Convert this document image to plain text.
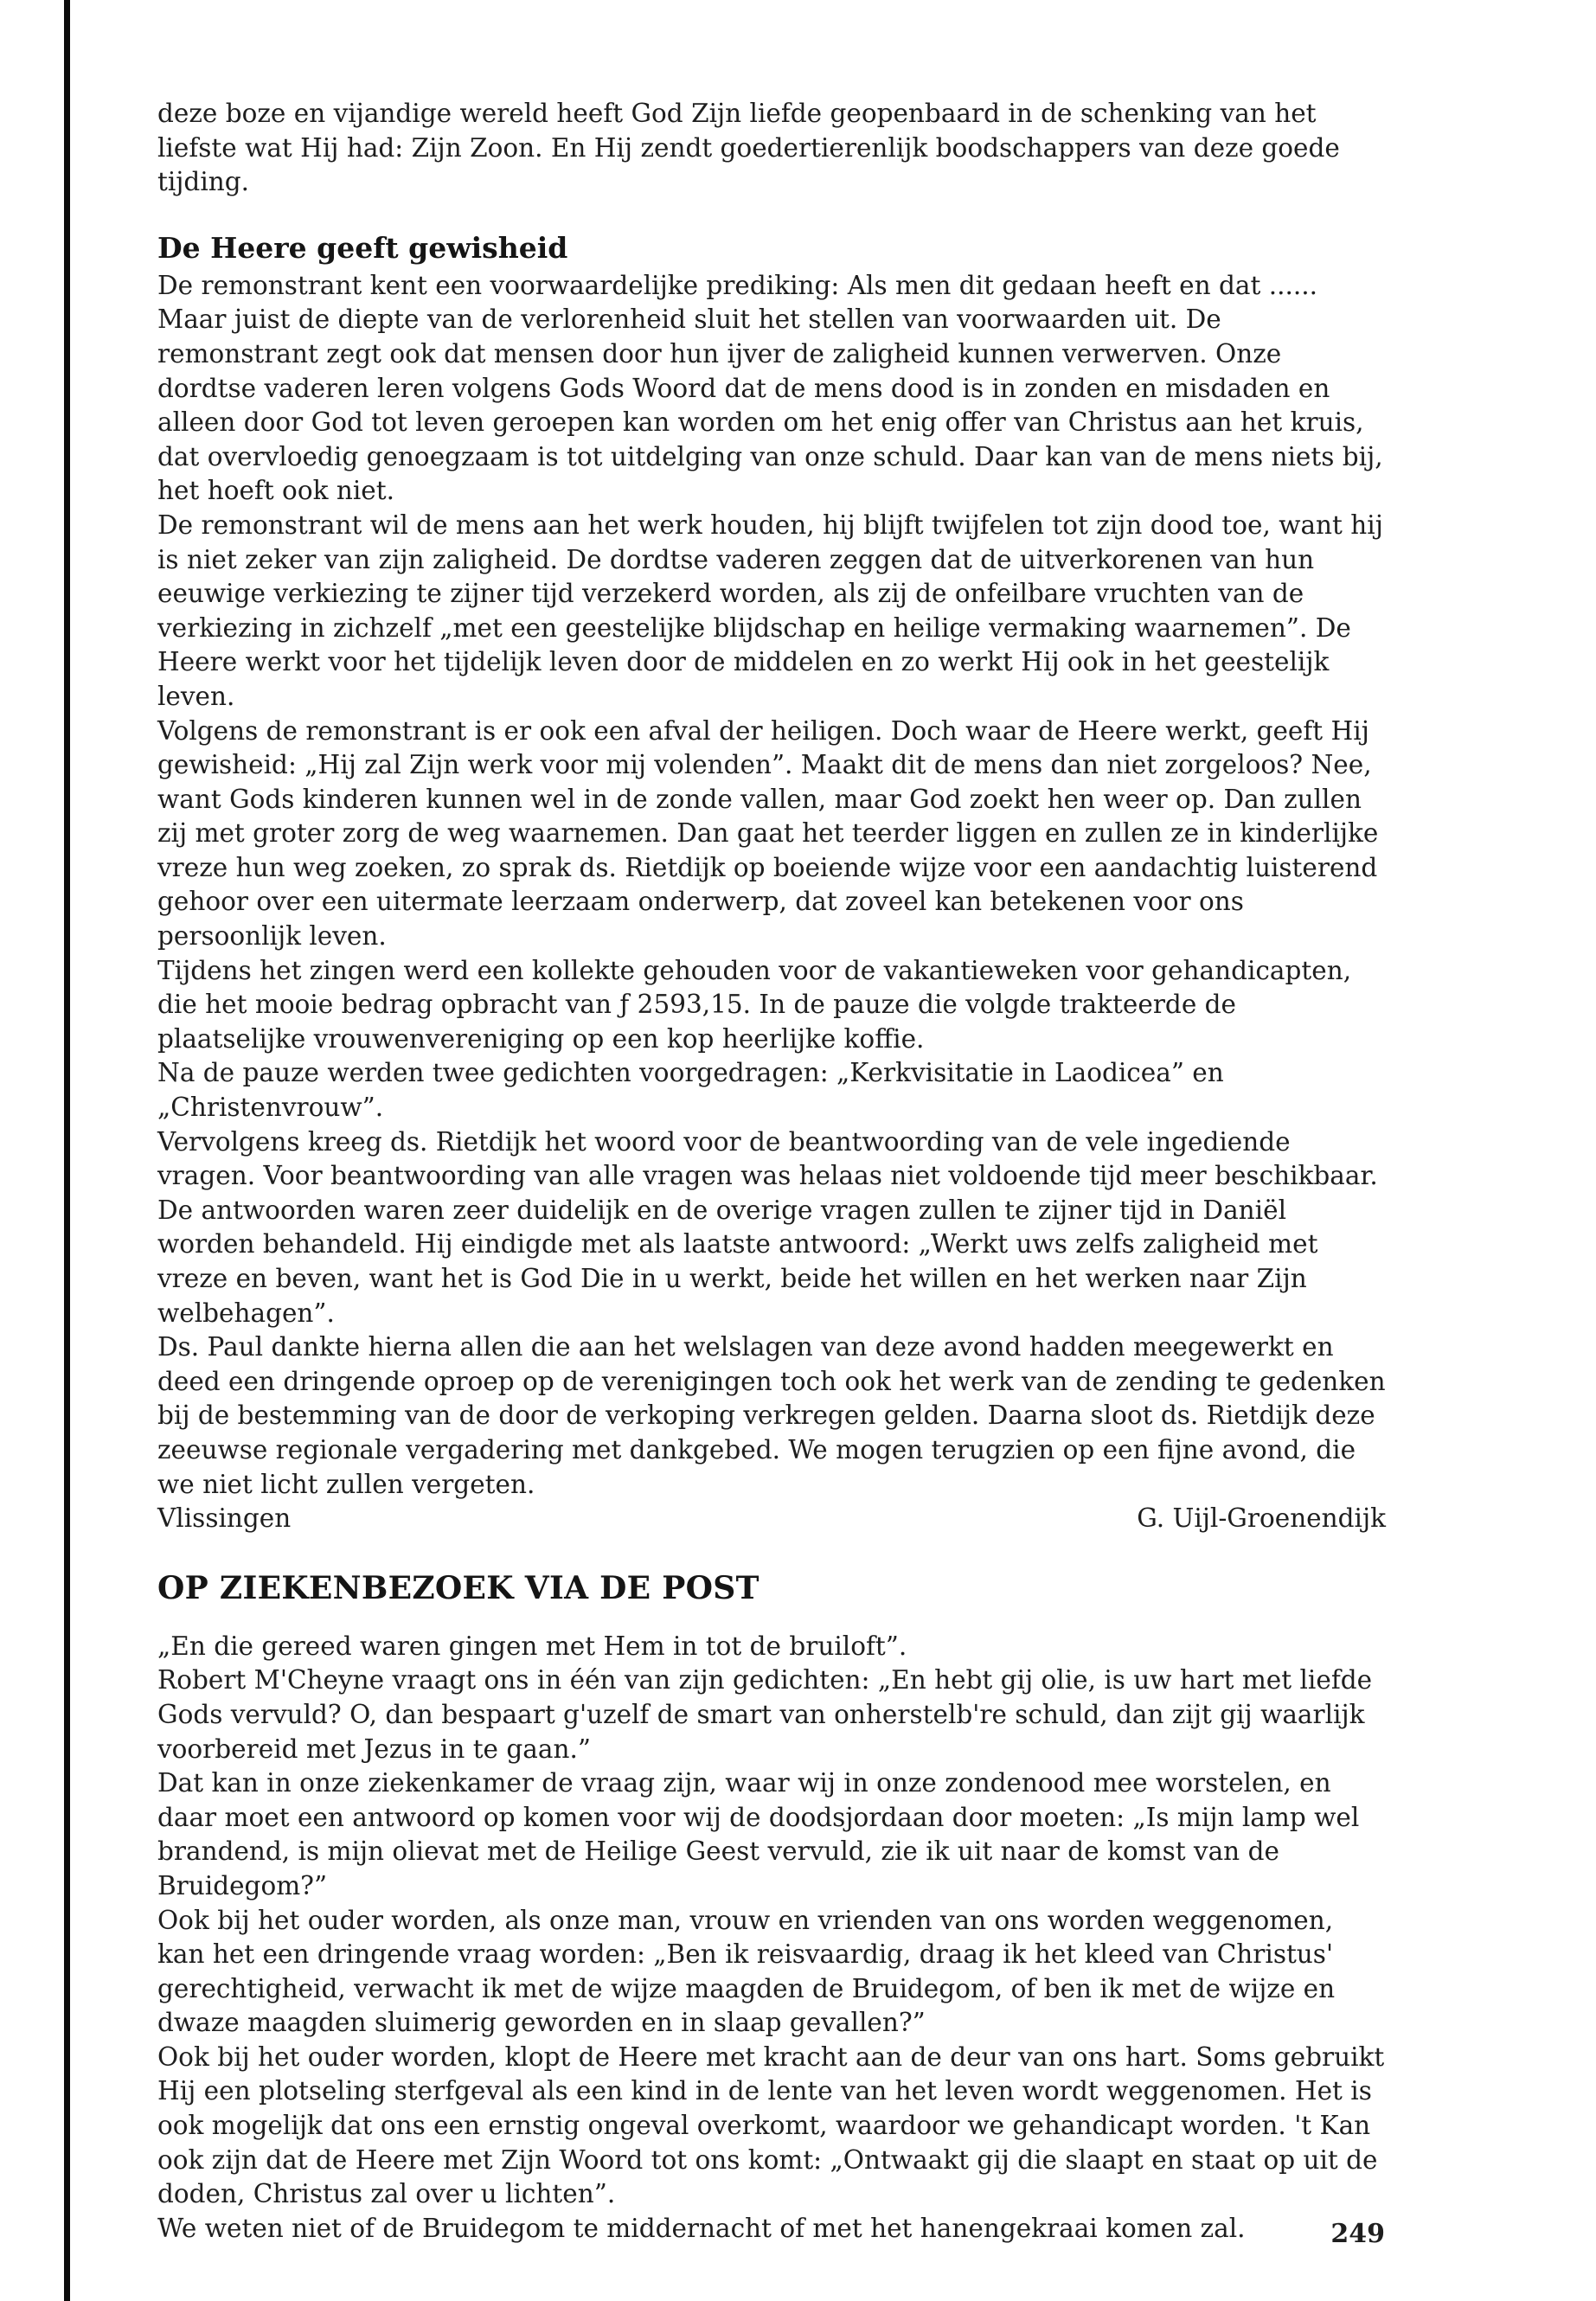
deze boze en vijandige wereld heeft God Zijn liefde geopenbaard in de schenking van het liefste wat Hij had: Zijn Zoon. En Hij zendt goedertierenlijk boodschappers van deze goede tijding.

De Heere geeft gewisheid

De remonstrant kent een voorwaardelijke prediking: Als men dit gedaan heeft en dat ...... Maar juist de diepte van de verlorenheid sluit het stellen van voorwaarden uit. De remonstrant zegt ook dat mensen door hun ijver de zaligheid kunnen verwerven. Onze dordtse vaderen leren volgens Gods Woord dat de mens dood is in zonden en misdaden en alleen door God tot leven geroepen kan worden om het enig offer van Christus aan het kruis, dat overvloedig genoegzaam is tot uitdelging van onze schuld. Daar kan van de mens niets bij, het hoeft ook niet.

De remonstrant wil de mens aan het werk houden, hij blijft twijfelen tot zijn dood toe, want hij is niet zeker van zijn zaligheid. De dordtse vaderen zeggen dat de uitverkorenen van hun eeuwige verkiezing te zijner tijd verzekerd worden, als zij de onfeilbare vruchten van de verkiezing in zichzelf „met een geestelijke blijdschap en heilige vermaking waarnemen”. De Heere werkt voor het tijdelijk leven door de middelen en zo werkt Hij ook in het geestelijk leven.

Volgens de remonstrant is er ook een afval der heiligen. Doch waar de Heere werkt, geeft Hij gewisheid: „Hij zal Zijn werk voor mij volenden”. Maakt dit de mens dan niet zorgeloos? Nee, want Gods kinderen kunnen wel in de zonde vallen, maar God zoekt hen weer op. Dan zullen zij met groter zorg de weg waarnemen. Dan gaat het teerder liggen en zullen ze in kinderlijke vreze hun weg zoeken, zo sprak ds. Rietdijk op boeiende wijze voor een aandachtig luisterend gehoor over een uitermate leerzaam onderwerp, dat zoveel kan betekenen voor ons persoonlijk leven.

Tijdens het zingen werd een kollekte gehouden voor de vakantieweken voor gehandicapten, die het mooie bedrag opbracht van ƒ 2593,15. In de pauze die volgde trakteerde de plaatselijke vrouwenvereniging op een kop heerlijke koffie.

Na de pauze werden twee gedichten voorgedragen: „Kerkvisitatie in Laodicea” en „Christenvrouw”.

Vervolgens kreeg ds. Rietdijk het woord voor de beantwoording van de vele ingediende vragen. Voor beantwoording van alle vragen was helaas niet voldoende tijd meer beschikbaar. De antwoorden waren zeer duidelijk en de overige vragen zullen te zijner tijd in Daniël worden behandeld. Hij eindigde met als laatste antwoord: „Werkt uws zelfs zaligheid met vreze en beven, want het is God Die in u werkt, beide het willen en het werken naar Zijn welbehagen”.

Ds. Paul dankte hierna allen die aan het welslagen van deze avond hadden meegewerkt en deed een dringende oproep op de verenigingen toch ook het werk van de zending te gedenken bij de bestemming van de door de verkoping verkregen gelden. Daarna sloot ds. Rietdijk deze zeeuwse regionale vergadering met dankgebed. We mogen terugzien op een fijne avond, die we niet licht zullen vergeten.

Vlissingen	G. Uijl-Groenendijk
OP ZIEKENBEZOEK VIA DE POST

„En die gereed waren gingen met Hem in tot de bruiloft”.

Robert M'Cheyne vraagt ons in één van zijn gedichten: „En hebt gij olie, is uw hart met liefde Gods vervuld? O, dan bespaart g'uzelf de smart van onherstelb're schuld, dan zijt gij waarlijk voorbereid met Jezus in te gaan.”

Dat kan in onze ziekenkamer de vraag zijn, waar wij in onze zondenood mee worstelen, en daar moet een antwoord op komen voor wij de doodsjordaan door moeten: „Is mijn lamp wel brandend, is mijn olievat met de Heilige Geest vervuld, zie ik uit naar de komst van de Bruidegom?”

Ook bij het ouder worden, als onze man, vrouw en vrienden van ons worden weggenomen, kan het een dringende vraag worden: „Ben ik reisvaardig, draag ik het kleed van Christus' gerechtigheid, verwacht ik met de wijze maagden de Bruidegom, of ben ik met de wijze en dwaze maagden sluimerig geworden en in slaap gevallen?”

Ook bij het ouder worden, klopt de Heere met kracht aan de deur van ons hart. Soms gebruikt Hij een plotseling sterfgeval als een kind in de lente van het leven wordt weggenomen. Het is ook mogelijk dat ons een ernstig ongeval overkomt, waardoor we gehandicapt worden. 't Kan ook zijn dat de Heere met Zijn Woord tot ons komt: „Ontwaakt gij die slaapt en staat op uit de doden, Christus zal over u lichten”.

We weten niet of de Bruidegom te middernacht of met het hanengekraai komen zal.	249
